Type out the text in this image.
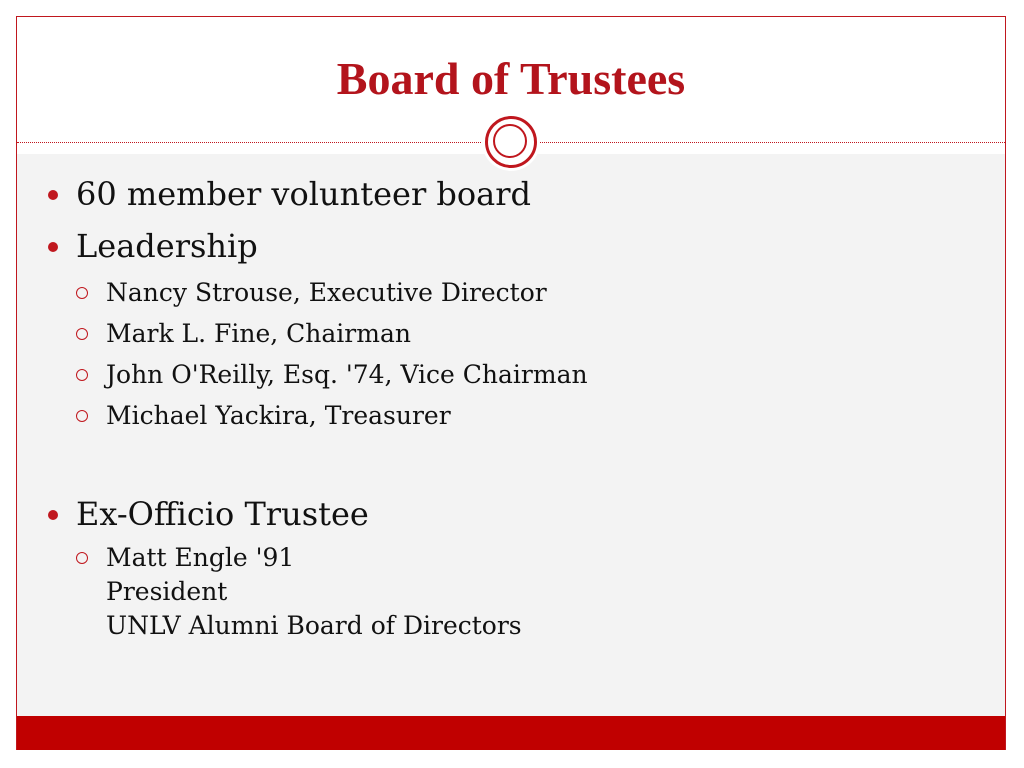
Board of Trustees
60 member volunteer board
Leadership
Nancy Strouse, Executive Director
Mark L. Fine, Chairman
John O'Reilly, Esq. '74, Vice Chairman
Michael Yackira, Treasurer
Ex-Officio Trustee
Matt Engle '91
President
UNLV Alumni Board of Directors
